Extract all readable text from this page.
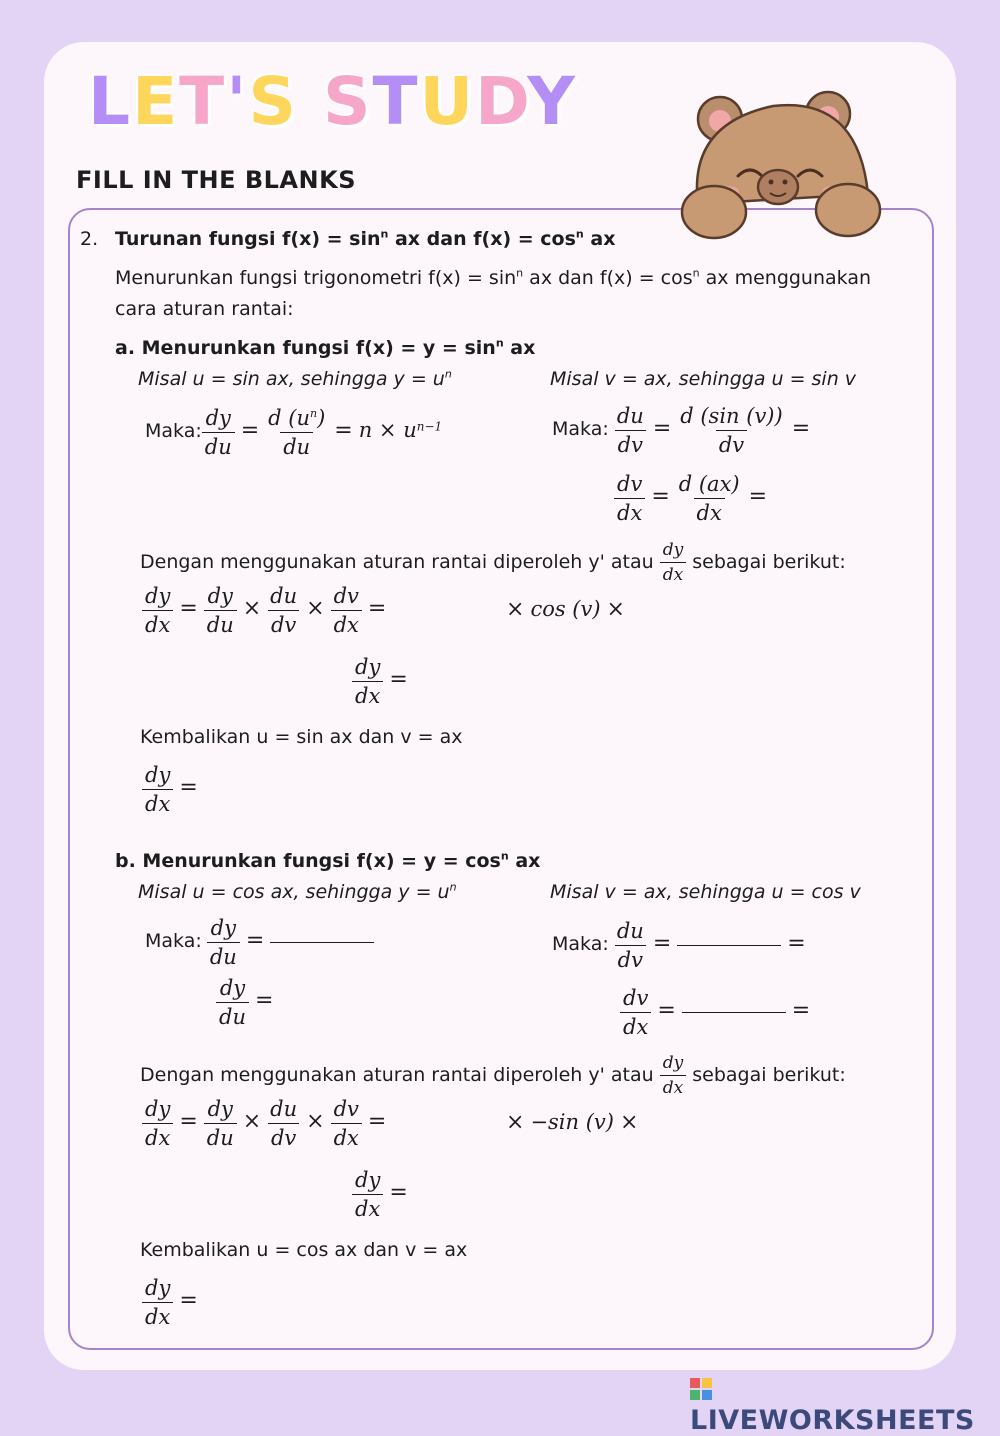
LET'S STUDY
FILL IN THE BLANKS
2. Turunan fungsi $f(x) = \sin^n$ ax dan $f(x) = \cos^n$ ax
Menurunkan fungsi trigonometri $f(x) = \sin^n$ ax dan $f(x) = \cos^n$ ax menggunakan
cara aturan rantai:
a. Menurunkan fungsi $f(x) = y = \sin^n$ ax
Misal u = sin ax, sehingga $y = u^n$	Misal v = ax, sehingga u = sin v
Maka: $\frac{dy}{du} = \frac{d (u^n)}{du} = n \times u^{n-1}$	Maka: $\frac{du}{dv} = \frac{d (\sin (v))}{dv}$ =
$\frac{dv}{dx} = \frac{d (ax)}{dx}$ =
Dengan menggunakan aturan rantai diperoleh y' atau $\frac{dy}{dx}$ sebagai berikut:
$\frac{dy}{dx} = \frac{dy}{du} \times \frac{du}{dv} \times \frac{dv}{dx}$ =	× cos (v) ×
$\frac{dy}{dx}$ =
Kembalikan u = sin ax dan v = ax
$\frac{dy}{dx}$ =
b. Menurunkan fungsi $f(x) = y = \cos^n$ ax
Misal u = cos ax, sehingga $y = u^n$	Misal v = ax, sehingga u = cos v
Maka: $\frac{dy}{du}$ =
$\frac{dy}{du}$ =
Maka: $\frac{du}{dv}$ =	=
$\frac{dv}{dx}$ =	=
Dengan menggunakan aturan rantai diperoleh y' atau $\frac{dy}{dx}$ sebagai berikut:
$\frac{dy}{dx} = \frac{dy}{du} \times \frac{du}{dv} \times \frac{dv}{dx}$ =	× −sin (v) ×
$\frac{dy}{dx}$ =
Kembalikan u = cos ax dan v = ax
$\frac{dy}{dx}$ =
LIVEWORKSHEETS
